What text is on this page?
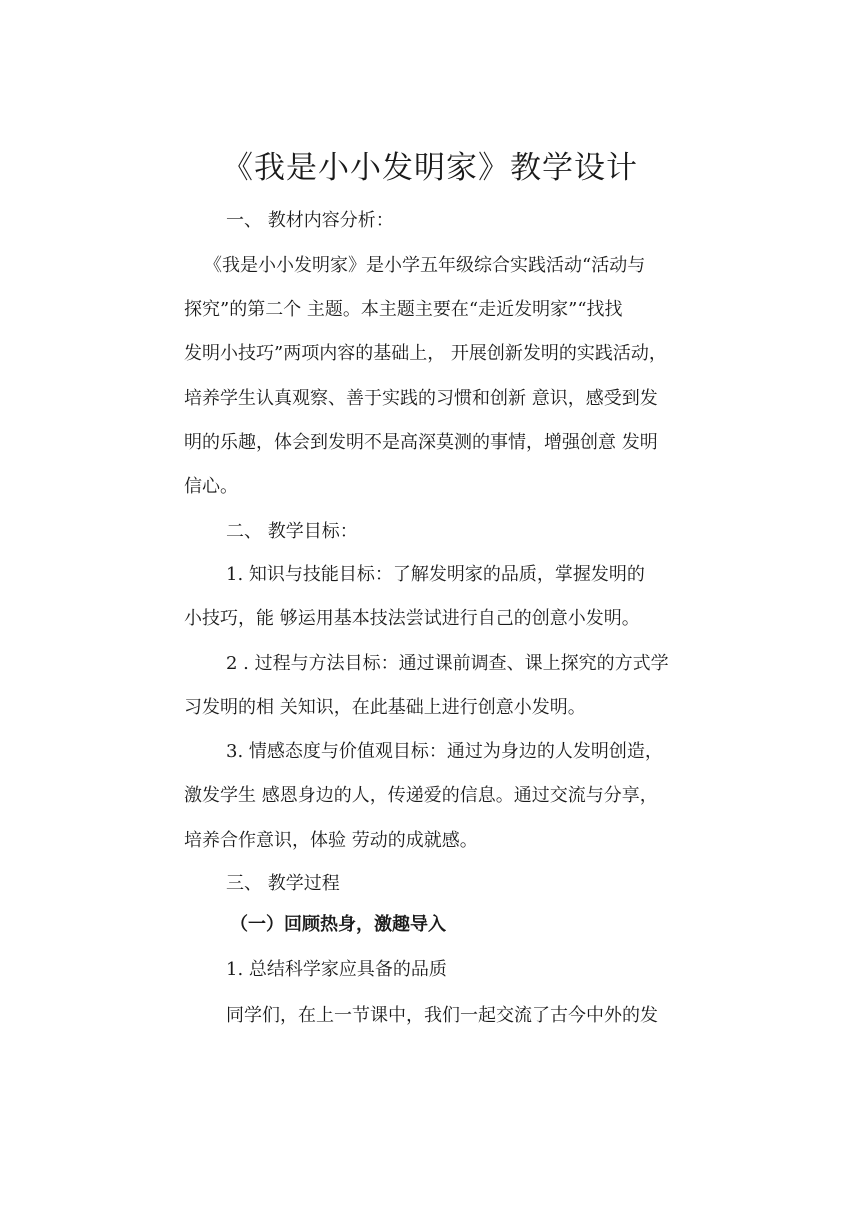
《我是小小发明家》教学设计

一、 教材内容分析：

《我是小小发明家》是小学五年级综合实践活动“活动与

探究”的第二个 主题。本主题主要在“走近发明家”“找找

发明小技巧”两项内容的基础上， 开展创新发明的实践活动，

培养学生认真观察、善于实践的习惯和创新 意识，感受到发

明的乐趣，体会到发明不是高深莫测的事情，增强创意 发明

信心。

二、 教学目标：

1. 知识与技能目标：了解发明家的品质，掌握发明的

小技巧，能 够运用基本技法尝试进行自己的创意小发明。

2 . 过程与方法目标：通过课前调查、课上探究的方式学

习发明的相 关知识，在此基础上进行创意小发明。

3. 情感态度与价值观目标：通过为身边的人发明创造，

激发学生 感恩身边的人，传递爱的信息。通过交流与分享，

培养合作意识，体验 劳动的成就感。

三、 教学过程

（一）回顾热身，激趣导入

1. 总结科学家应具备的品质

同学们，在上一节课中，我们一起交流了古今中外的发
